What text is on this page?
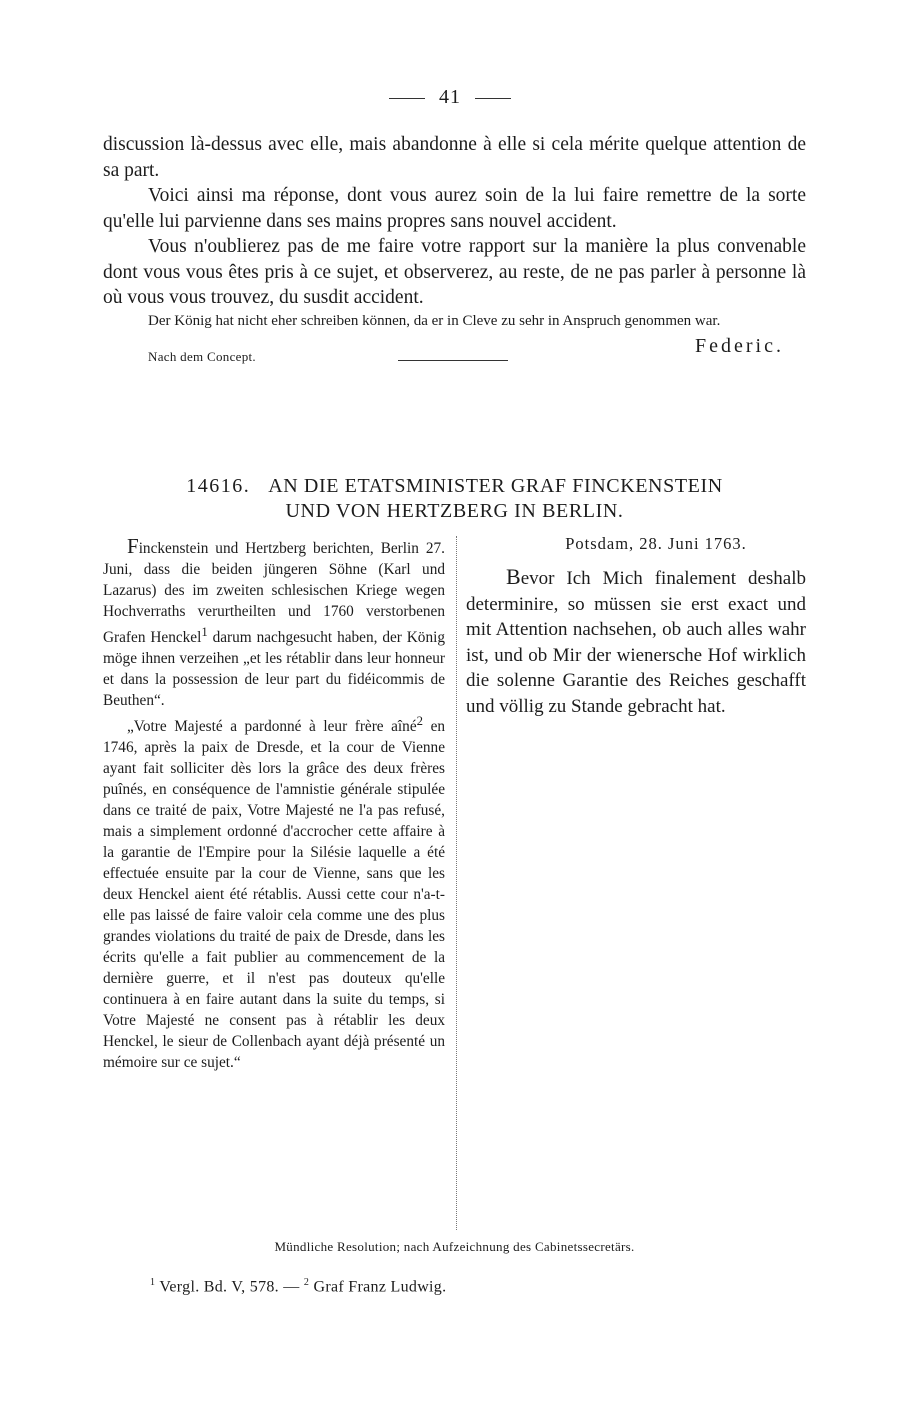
41

discussion là-dessus avec elle, mais abandonne à elle si cela mérite quelque attention de sa part.

Voici ainsi ma réponse, dont vous aurez soin de la lui faire remettre de la sorte qu'elle lui parvienne dans ses mains propres sans nouvel accident.

Vous n'oublierez pas de me faire votre rapport sur la manière la plus convenable dont vous vous êtes pris à ce sujet, et observerez, au reste, de ne pas parler à personne là où vous vous trouvez, du susdit accident.

Der König hat nicht eher schreiben können, da er in Cleve zu sehr in Anspruch genommen war.

Nach dem Concept.	Federic.
14616. AN DIE ETATSMINISTER GRAF FINCKENSTEIN
UND VON HERTZBERG IN BERLIN.

Finckenstein und Hertzberg berichten, Berlin 27. Juni, dass die beiden jüngeren Söhne (Karl und Lazarus) des im zweiten schlesischen Kriege wegen Hochverraths verurtheilten und 1760 verstorbenen Grafen Henckel$^1$ darum nachgesucht haben, der König möge ihnen verzeihen „et les rétablir dans leur honneur et dans la possession de leur part du fidéicommis de Beuthen“.

„Votre Majesté a pardonné à leur frère aîné$^2$ en 1746, après la paix de Dresde, et la cour de Vienne ayant fait solliciter dès lors la grâce des deux frères puînés, en conséquence de l'amnistie générale stipulée dans ce traité de paix, Votre Majesté ne l'a pas refusé, mais a simplement ordonné d'accrocher cette affaire à la garantie de l'Empire pour la Silésie laquelle a été effectuée ensuite par la cour de Vienne, sans que les deux Henckel aient été rétablis. Aussi cette cour n'a-t-elle pas laissé de faire valoir cela comme une des plus grandes violations du traité de paix de Dresde, dans les écrits qu'elle a fait publier au commencement de la dernière guerre, et il n'est pas douteux qu'elle continuera à en faire autant dans la suite du temps, si Votre Majesté ne consent pas à rétablir les deux Henckel, le sieur de Collenbach ayant déjà présenté un mémoire sur ce sujet.“

Potsdam, 28. Juni 1763.
Bevor Ich Mich finalement deshalb determinire, so müssen sie erst exact und mit Attention nachsehen, ob auch alles wahr ist, und ob Mir der wienersche Hof wirklich die solenne Garantie des Reiches geschafft und völlig zu Stande gebracht hat.
Mündliche Resolution; nach Aufzeichnung des Cabinetssecretärs.
$^1$ Vergl. Bd. V, 578. — $^2$ Graf Franz Ludwig.
